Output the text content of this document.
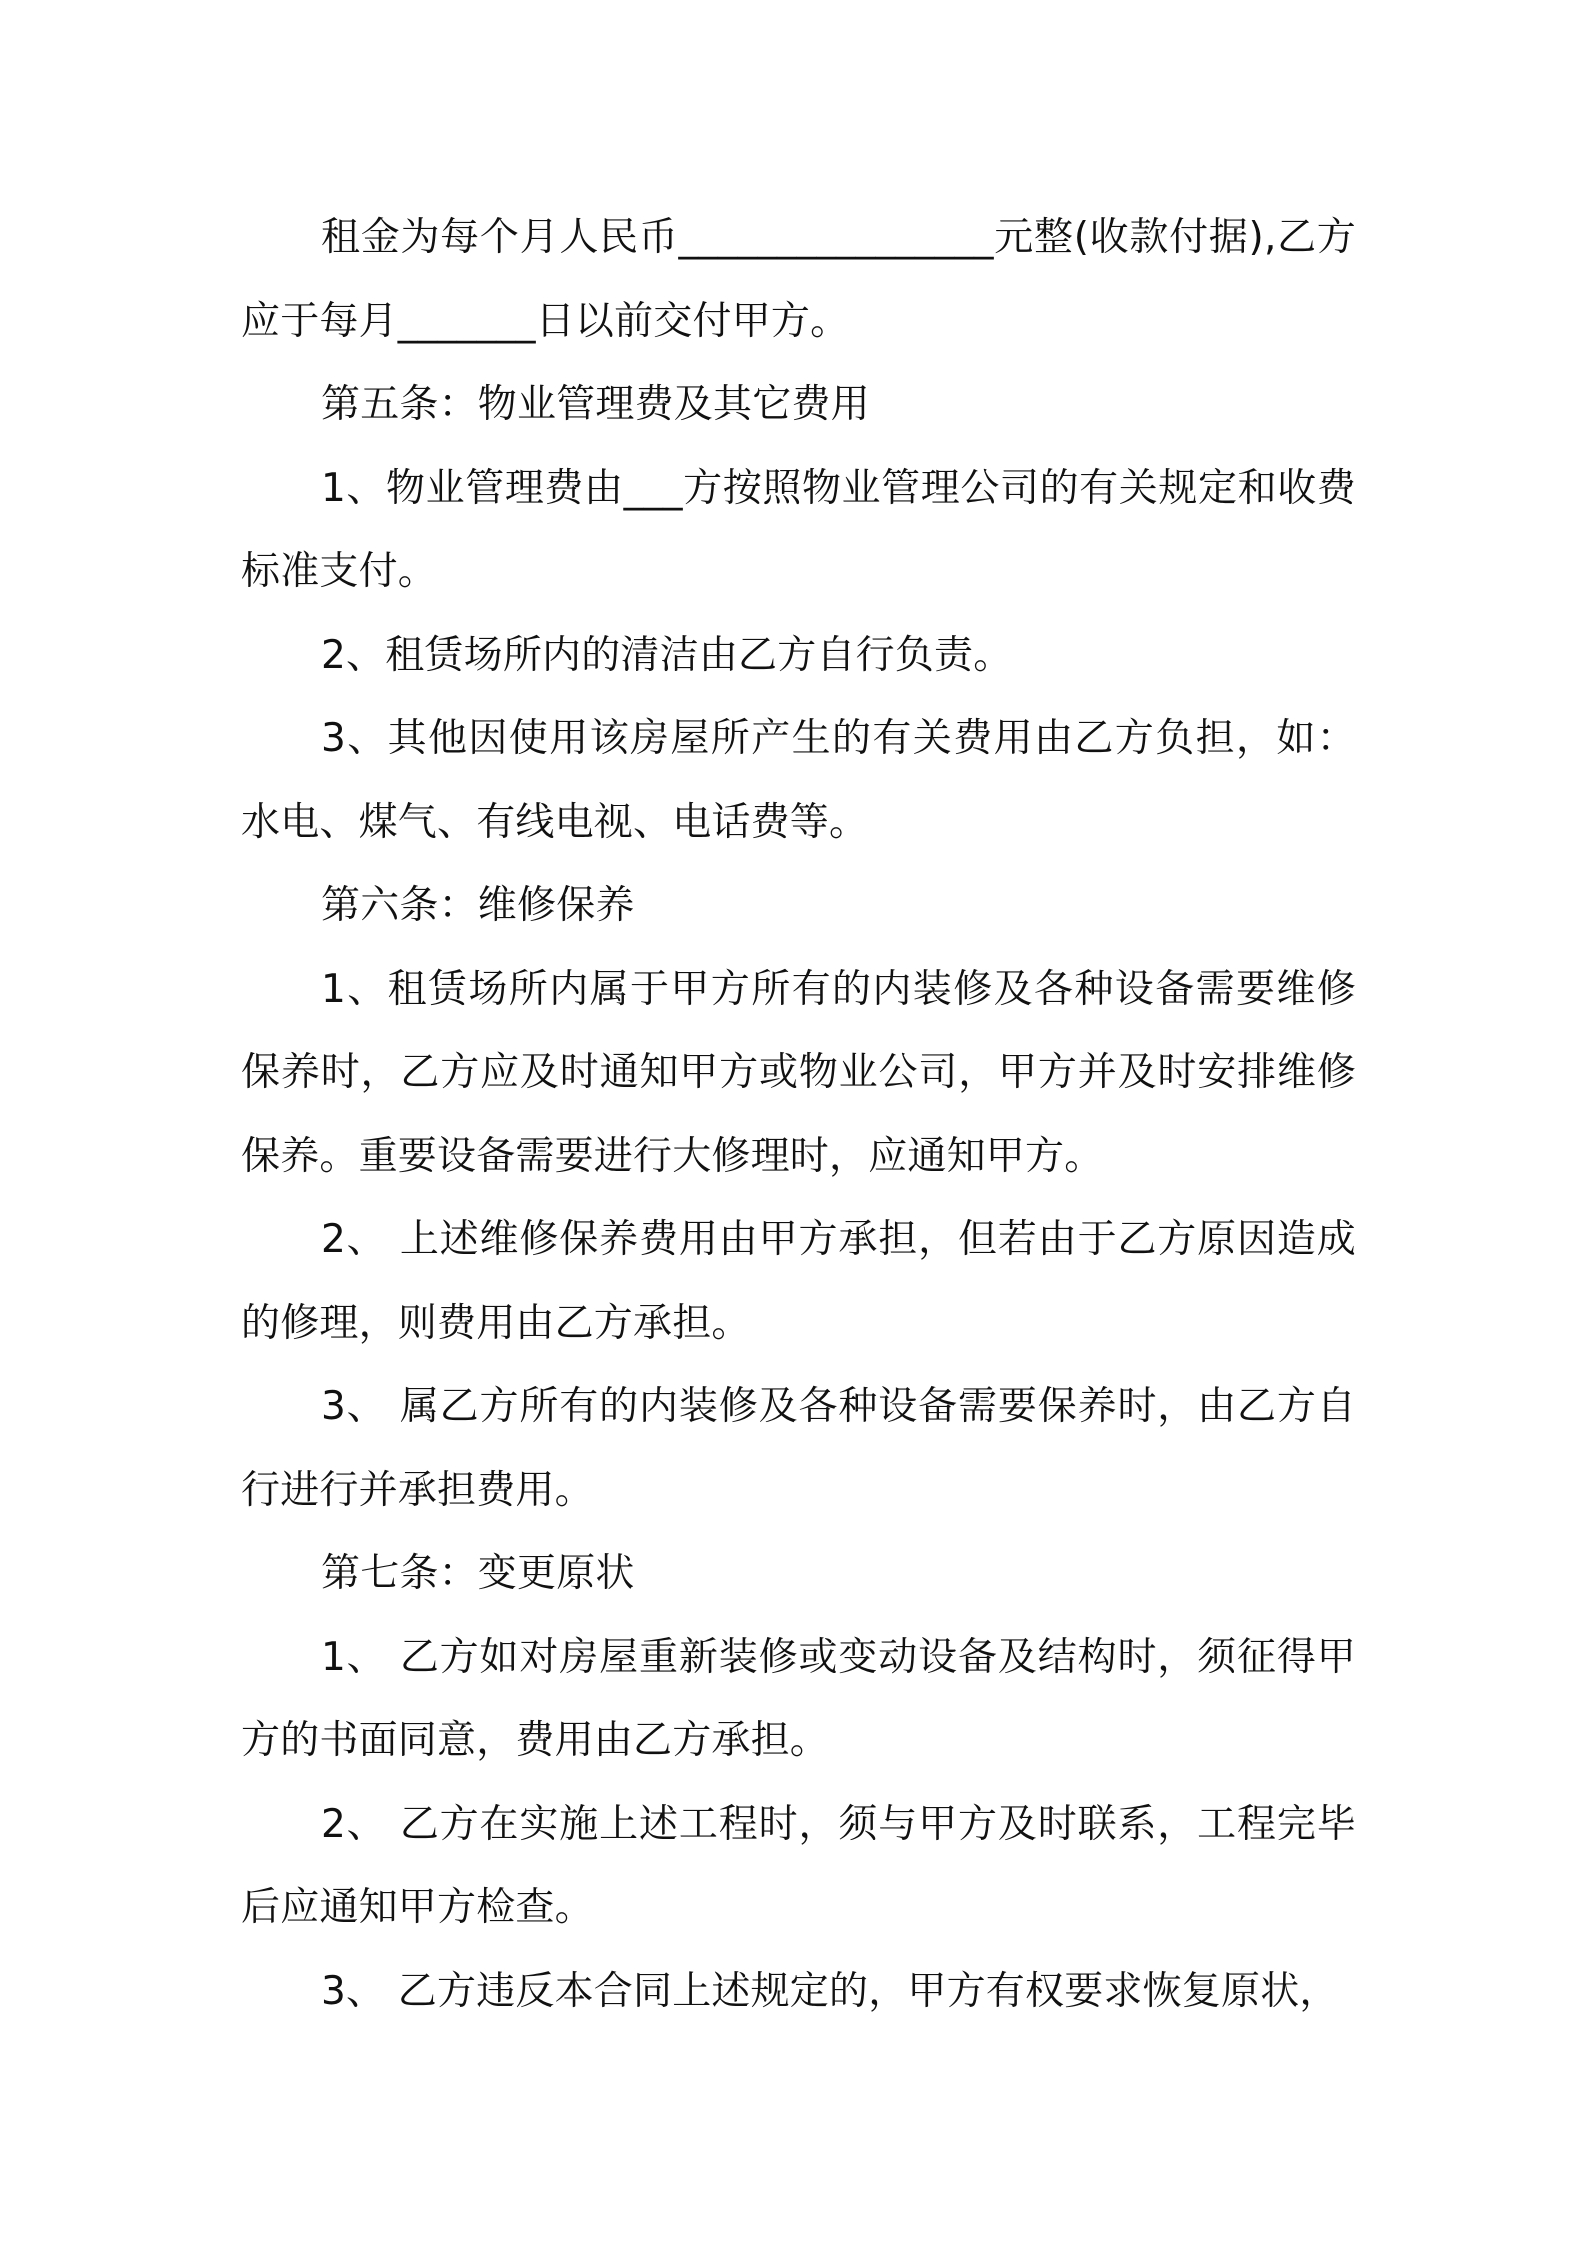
租金为每个月人民币________________元整(收款付据),乙方应于每月_______日以前交付甲方。

第五条：物业管理费及其它费用

1、物业管理费由___方按照物业管理公司的有关规定和收费标准支付。

2、租赁场所内的清洁由乙方自行负责。

3、其他因使用该房屋所产生的有关费用由乙方负担，如：水电、煤气、有线电视、电话费等。

第六条：维修保养

1、租赁场所内属于甲方所有的内装修及各种设备需要维修保养时，乙方应及时通知甲方或物业公司，甲方并及时安排维修保养。重要设备需要进行大修理时，应通知甲方。

2、 上述维修保养费用由甲方承担，但若由于乙方原因造成的修理，则费用由乙方承担。

3、 属乙方所有的内装修及各种设备需要保养时，由乙方自行进行并承担费用。

第七条：变更原状

1、 乙方如对房屋重新装修或变动设备及结构时，须征得甲方的书面同意，费用由乙方承担。

2、 乙方在实施上述工程时，须与甲方及时联系，工程完毕后应通知甲方检查。

3、 乙方违反本合同上述规定的，甲方有权要求恢复原状，
